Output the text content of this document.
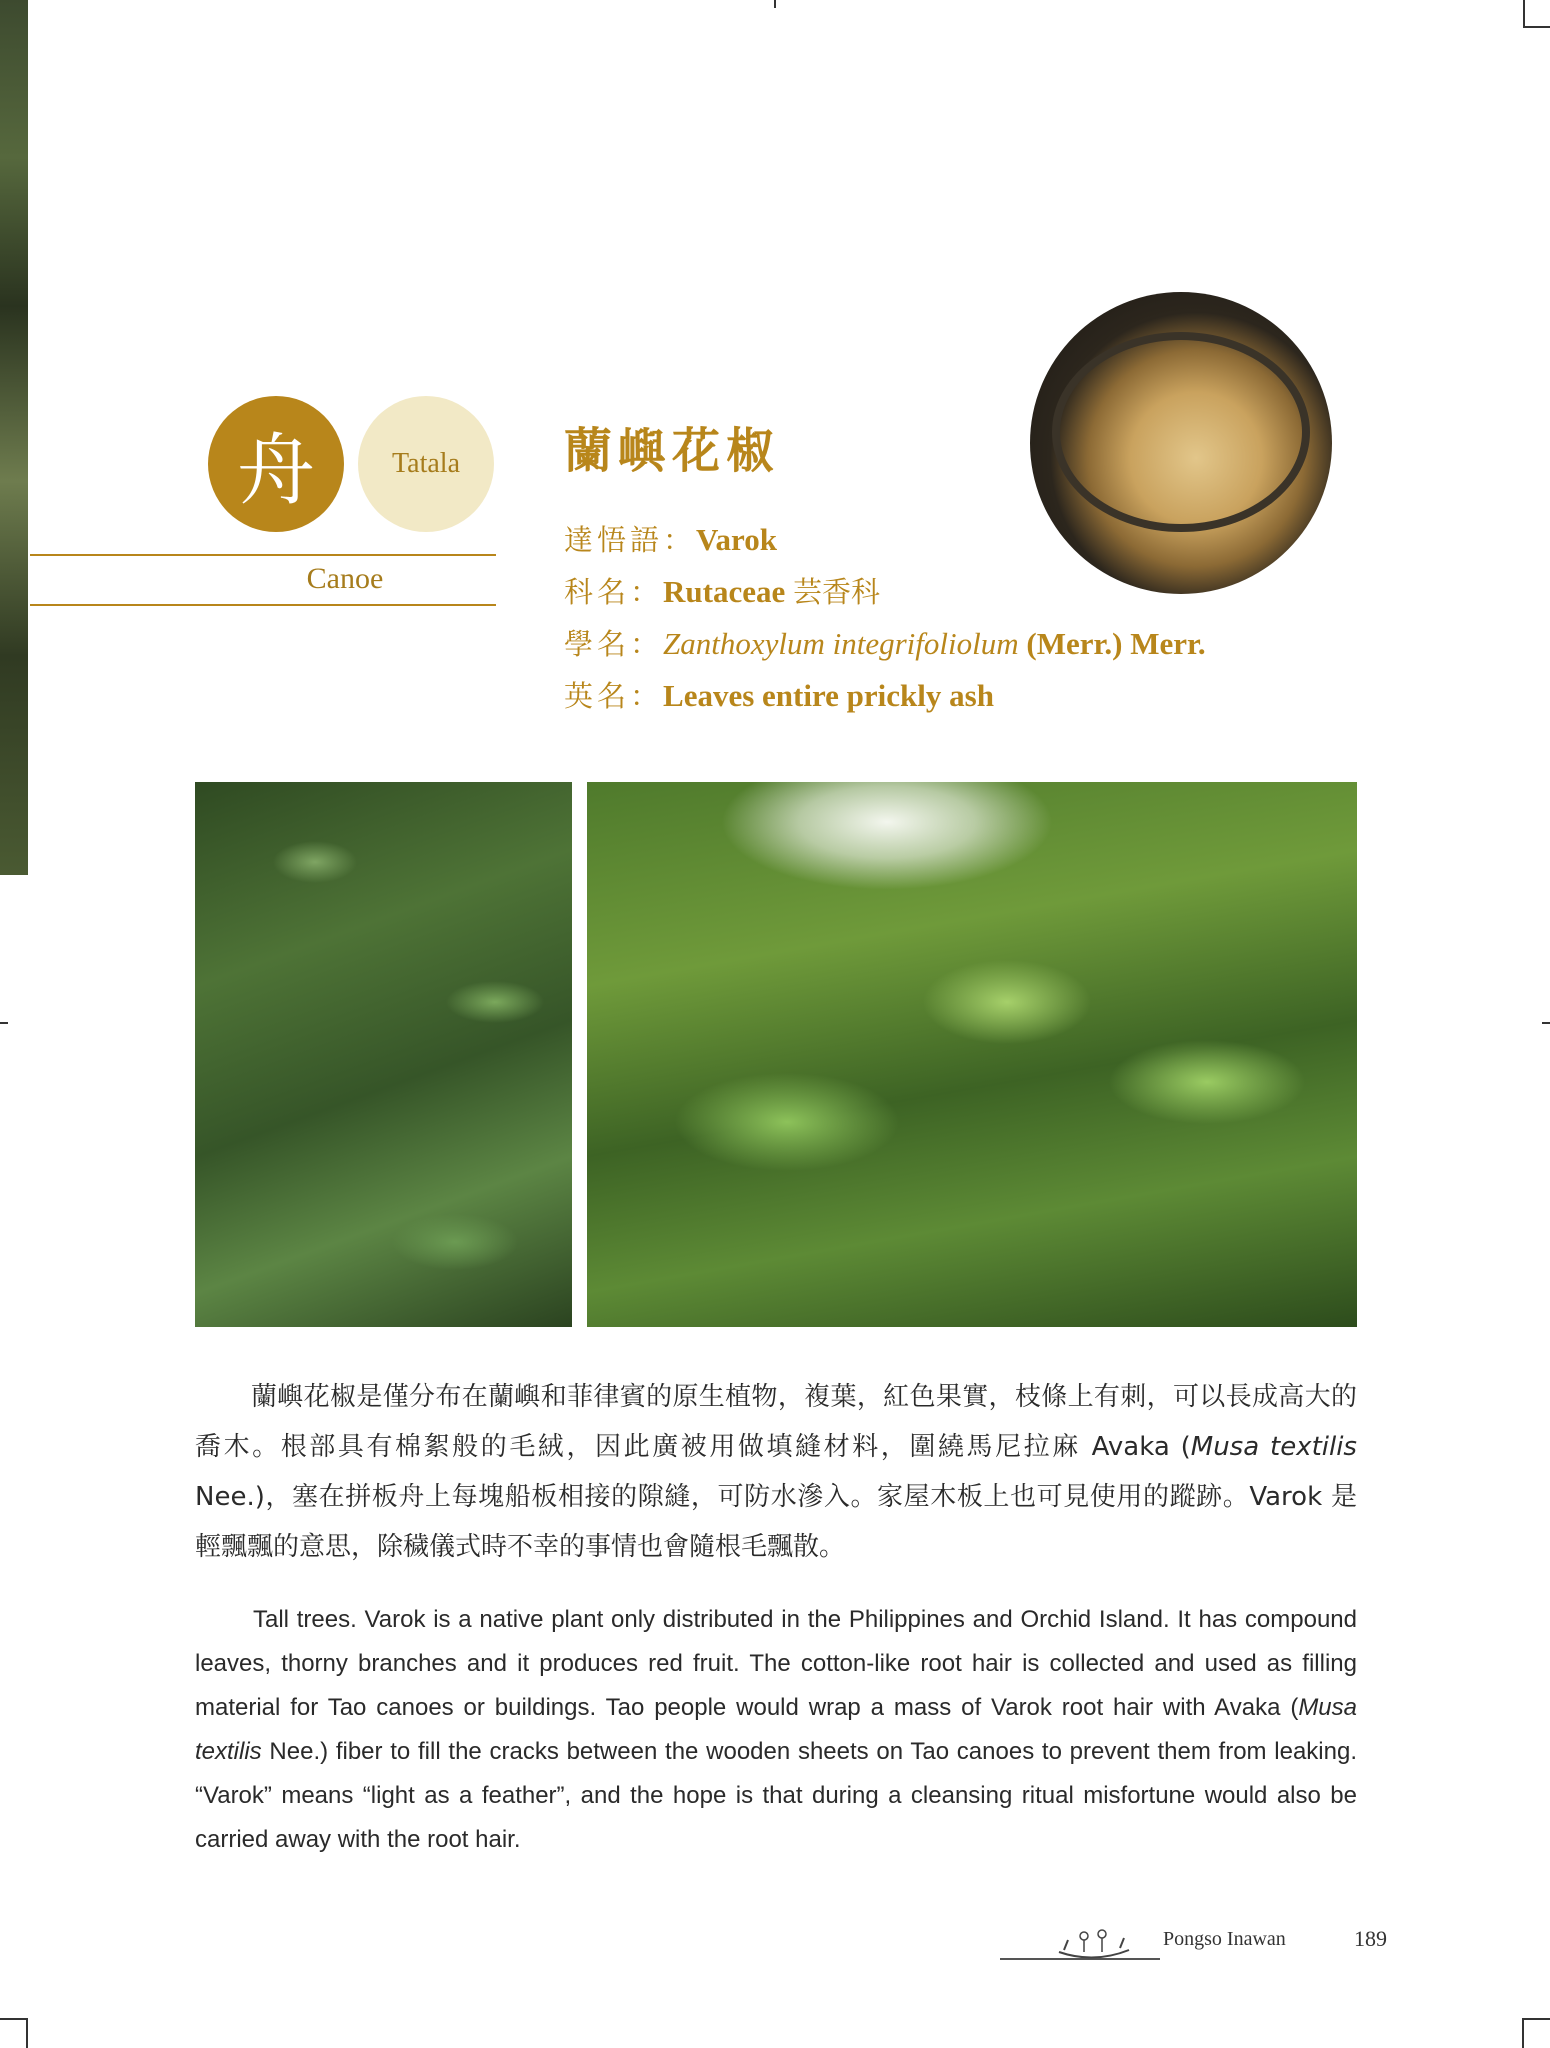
舟	Tatala
Canoe
蘭嶼花椒
達悟語：Varok
科名：Rutaceae 芸香科
學名：Zanthoxylum integrifoliolum (Merr.) Merr.
英名：Leaves entire prickly ash

蘭嶼花椒是僅分布在蘭嶼和菲律賓的原生植物，複葉，紅色果實，枝條上有刺，可以長成高大的喬木。根部具有棉絮般的毛絨，因此廣被用做填縫材料，圍繞馬尼拉麻 Avaka (Musa textilis Nee.)，塞在拼板舟上每塊船板相接的隙縫，可防水滲入。家屋木板上也可見使用的蹤跡。Varok 是輕飄飄的意思，除穢儀式時不幸的事情也會隨根毛飄散。

Tall trees. Varok is a native plant only distributed in the Philippines and Orchid Island. It has compound leaves, thorny branches and it produces red fruit. The cotton-like root hair is collected and used as filling material for Tao canoes or buildings. Tao people would wrap a mass of Varok root hair with Avaka (Musa textilis Nee.) fiber to fill the cracks between the wooden sheets on Tao canoes to prevent them from leaking. “Varok” means “light as a feather”, and the hope is that during a cleansing ritual misfortune would also be carried away with the root hair.

Pongso Inawan	189
